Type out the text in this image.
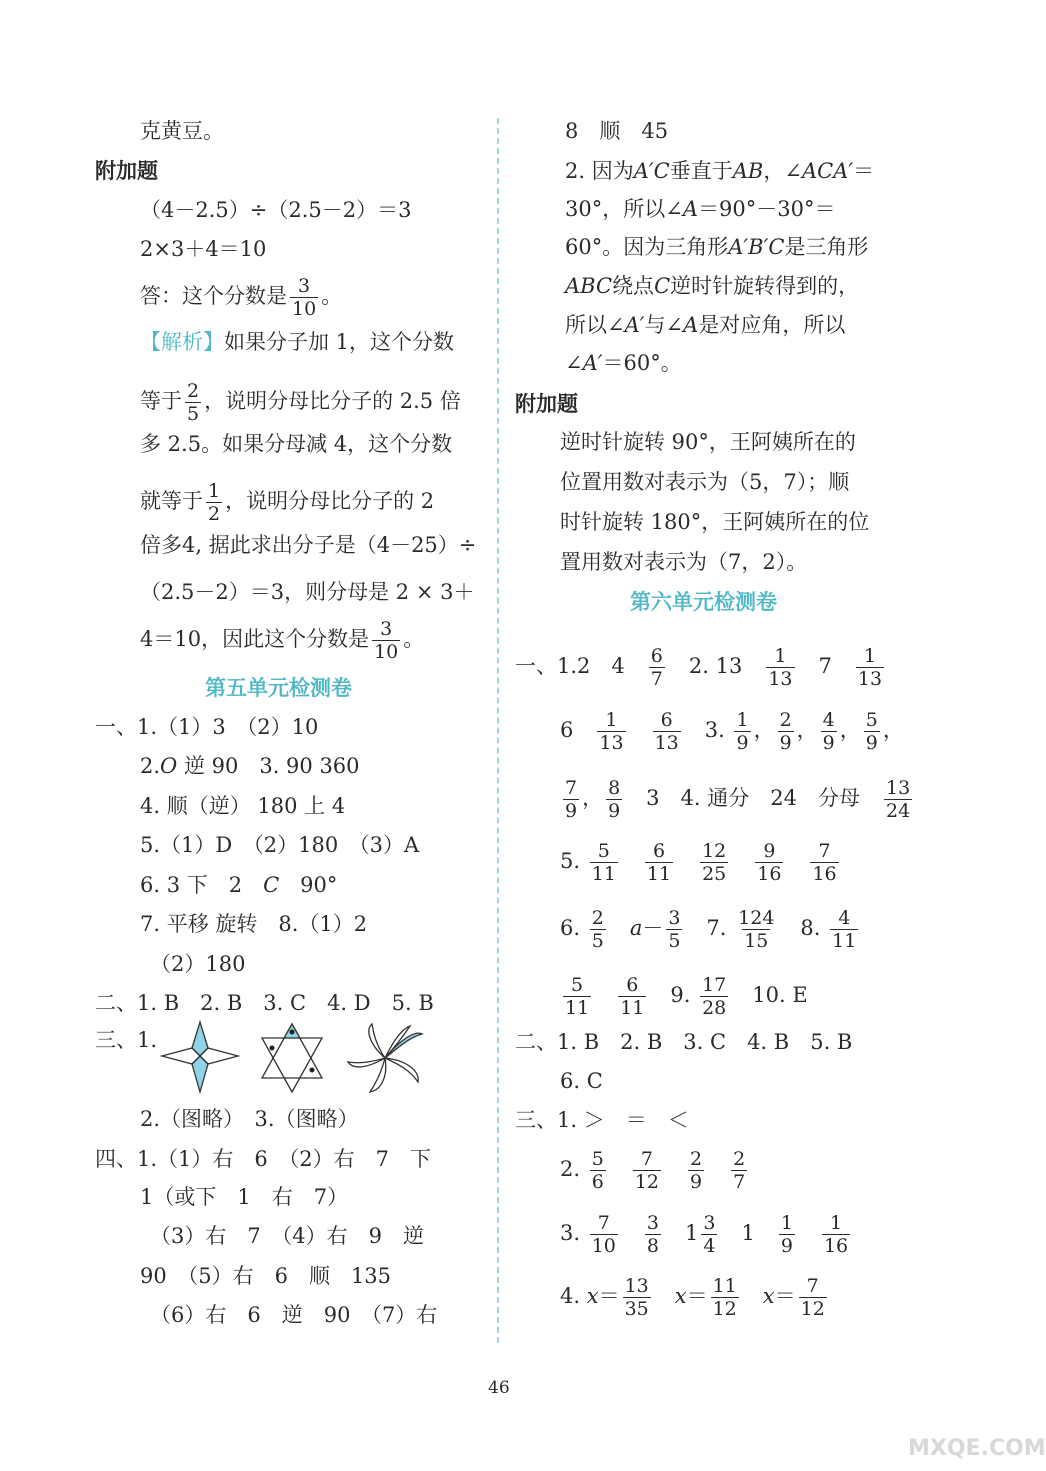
克黄豆。
附加题
（4－2.5）÷（2.5－2）＝3
2×3＋4＝10
答：这个分数是 $\frac{3}{10}$ 。
【解析】如果分子加 1，这个分数
等于 $\frac{2}{5}$ ，说明分母比分子的 2.5 倍
多 2.5。如果分母减 4，这个分数
就等于 $\frac{1}{2}$ ，说明分母比分子的 2
倍多4, 据此求出分子是（4－25）÷
（2.5－2）＝3，则分母是 2 × 3＋
4＝10，因此这个分数是 $\frac{3}{10}$ 。
第五单元检测卷
一、1.（1）3　（2）10
2.O 逆 90　3. 90 360
4. 顺（逆） 180 上 4
5.（1）D　（2）180　（3）A
6. 3 下　2　C　90°
7. 平移 旋转　8.（1）2
（2）180
二、1. B　2. B　3. C　4. D　5. B
三、1.
2.（图略）　3.（图略）
四、1.（1）右　6　（2）右　7　下
1（或下　1　右　7）
（3）右　7　（4）右　9　逆
90　（5）右　6　顺　135
（6）右　6　逆　90　（7）右
8　顺　45
2. 因为A′C垂直于AB，∠ACA′＝
30°，所以∠A＝90°－30°＝
60°。因为三角形A′B′C是三角形
ABC绕点C逆时针旋转得到的，
所以∠A′与∠A是对应角，所以
∠A′＝60°。
附加题
逆时针旋转 90°，王阿姨所在的
位置用数对表示为（5，7）；顺
时针旋转 180°，王阿姨所在的位
置用数对表示为（7，2）。
第六单元检测卷
一、1.2　4　 $\frac{6}{7}$ 　2. 13　 $\frac{1}{13}$ 　7　 $\frac{1}{13}$
6　 $\frac{1}{13}$
　 $\frac{6}{13}$ 　3. $\frac{1}{9}$ ， $\frac{2}{9}$ ， $\frac{4}{9}$ ， $\frac{5}{9}$ ，
$\frac{7}{9}$ ， $\frac{8}{9}$ 　3　4. 通分　24　分母　 $\frac{13}{24}$
5. $\frac{5}{11}$
　 $\frac{6}{11}$
　 $\frac{12}{25}$
　 $\frac{9}{16}$
　 $\frac{7}{16}$
6. $\frac{2}{5}$
　 $a- \frac{3}{5}$ 　7. $\frac{124}{15}$ 　8. $\frac{4}{11}$
$\frac{5}{11}$
　 $\frac{6}{11}$ 　9. $\frac{17}{28}$ 　10. E
二、1. B　2. B　3. C　4. B　5. B
6. C
三、1. ＞　＝　＜
2. $\frac{5}{6}$
　 $\frac{7}{12}$
　 $\frac{2}{9}$
　 $\frac{2}{7}$
3. $\frac{7}{10}$
　 $\frac{3}{8}$ 　$1 \frac{3}{4}$ 　1　 $\frac{1}{9}$
　 $\frac{1}{16}$
4. $x= \frac{13}{35}$
　 $x= \frac{11}{12}$
　 $x= \frac{7}{12}$
46
MXQE.COM
